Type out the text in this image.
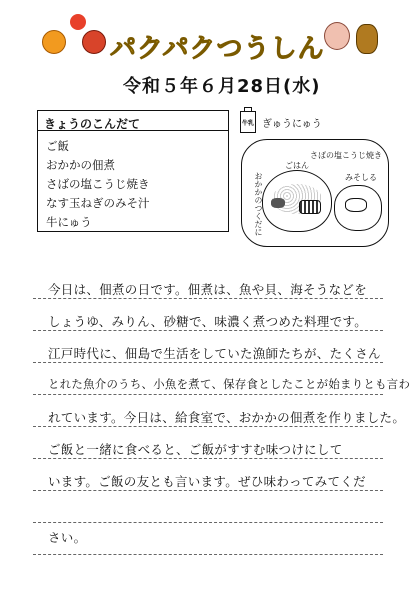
パクパクつうしん
令和５年６月28日(水)
きょうのこんだて
ご飯
おかかの佃煮
さばの塩こうじ焼き
なす玉ねぎのみそ汁
牛にゅう
牛乳 ぎゅうにゅう
ごはん
さばの塩こうじ焼き
みそしる
おかかのつくだに
今日は、佃煮の日です。佃煮は、魚や貝、海そうなどを
しょうゆ、みりん、砂糖で、味濃く煮つめた料理です。
江戸時代に、佃島で生活をしていた漁師たちが、たくさん
とれた魚介のうち、小魚を煮て、保存食としたことが始まりとも言わ
れています。今日は、給食室で、おかかの佃煮を作りました。
ご飯と一緒に食べると、ご飯がすすむ味つけにして
います。ご飯の友とも言います。ぜひ味わってみてくだ
さい。
